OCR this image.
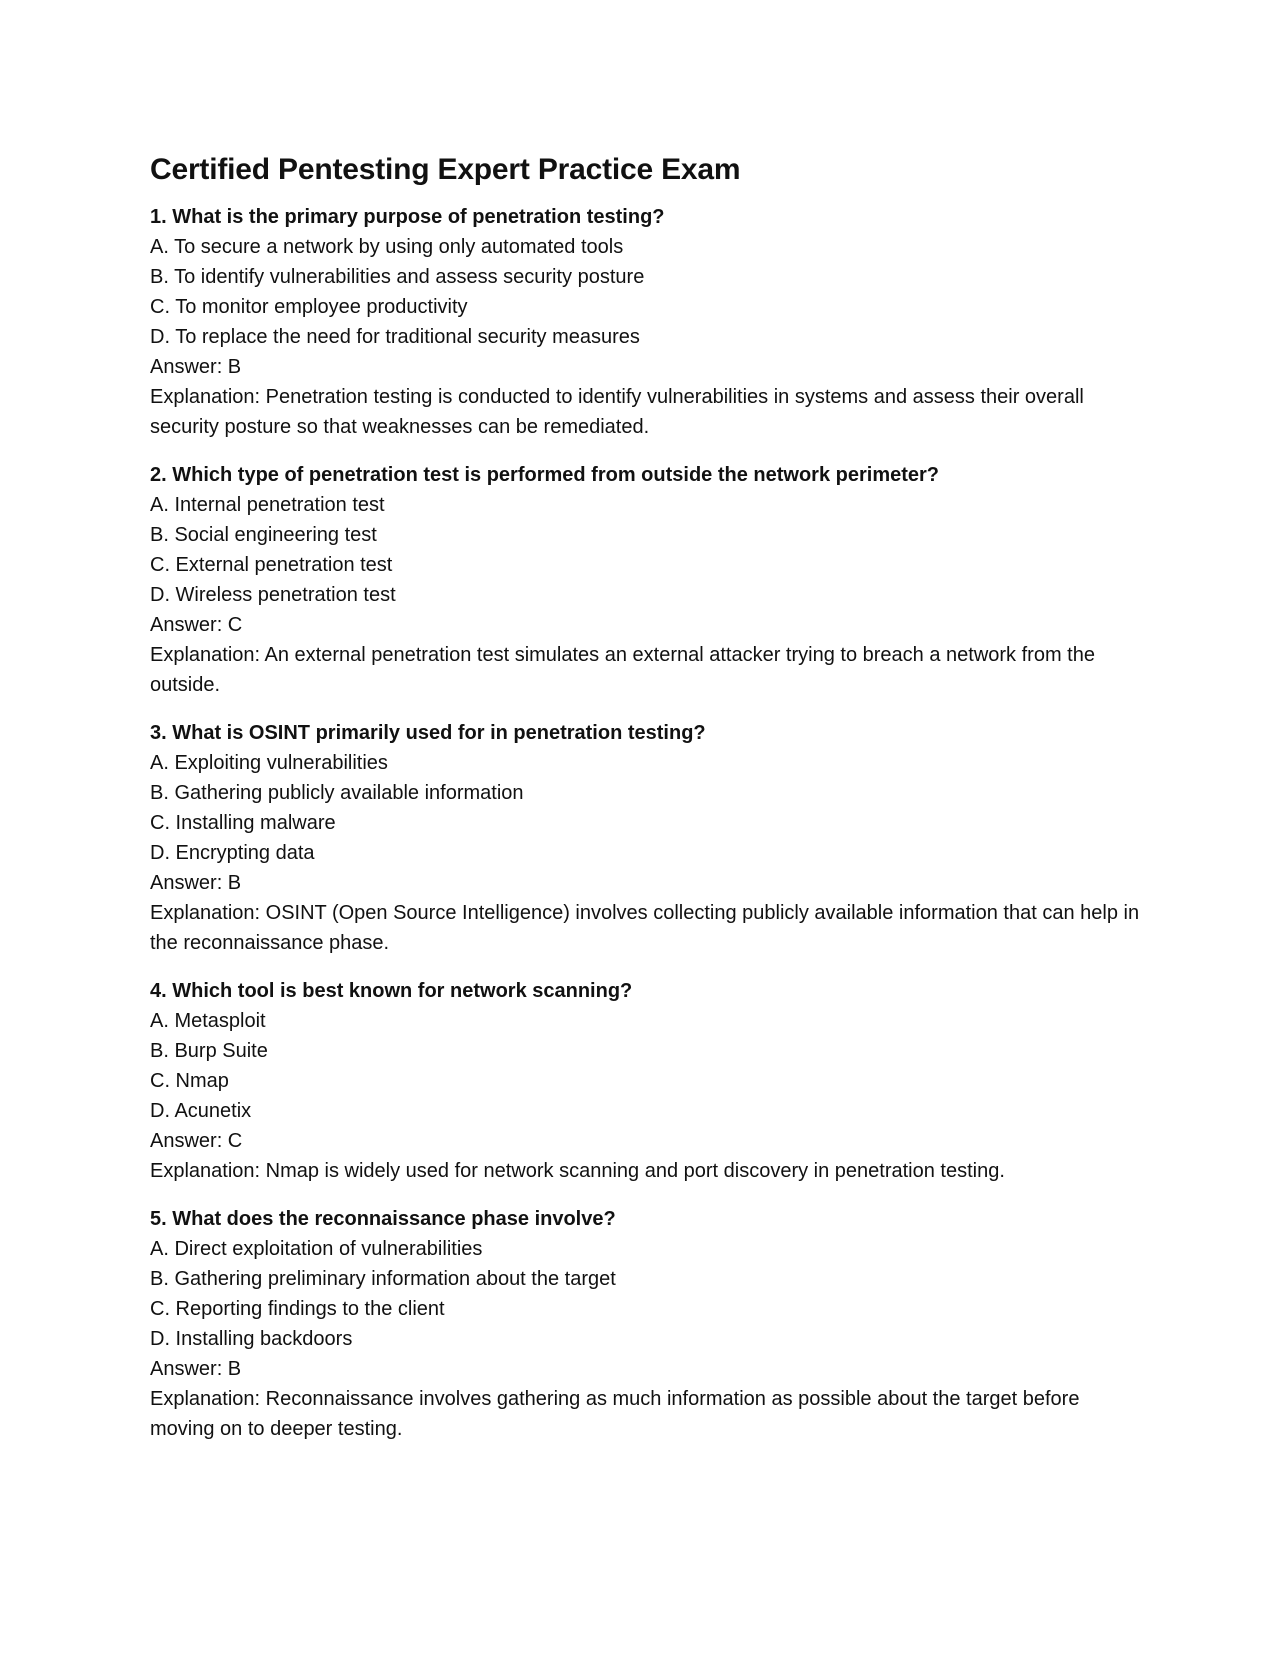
Certified Pentesting Expert Practice Exam

1. What is the primary purpose of penetration testing?

A. To secure a network by using only automated tools
B. To identify vulnerabilities and assess security posture
C. To monitor employee productivity
D. To replace the need for traditional security measures

Answer: B

Explanation: Penetration testing is conducted to identify vulnerabilities in systems and assess their overall security posture so that weaknesses can be remediated.

2. Which type of penetration test is performed from outside the network perimeter?

A. Internal penetration test
B. Social engineering test
C. External penetration test
D. Wireless penetration test

Answer: C

Explanation: An external penetration test simulates an external attacker trying to breach a network from the outside.

3. What is OSINT primarily used for in penetration testing?

A. Exploiting vulnerabilities
B. Gathering publicly available information
C. Installing malware
D. Encrypting data

Answer: B

Explanation: OSINT (Open Source Intelligence) involves collecting publicly available information that can help in the reconnaissance phase.

4. Which tool is best known for network scanning?

A. Metasploit
B. Burp Suite
C. Nmap
D. Acunetix

Answer: C

Explanation: Nmap is widely used for network scanning and port discovery in penetration testing.

5. What does the reconnaissance phase involve?

A. Direct exploitation of vulnerabilities
B. Gathering preliminary information about the target
C. Reporting findings to the client
D. Installing backdoors

Answer: B

Explanation: Reconnaissance involves gathering as much information as possible about the target before moving on to deeper testing.
